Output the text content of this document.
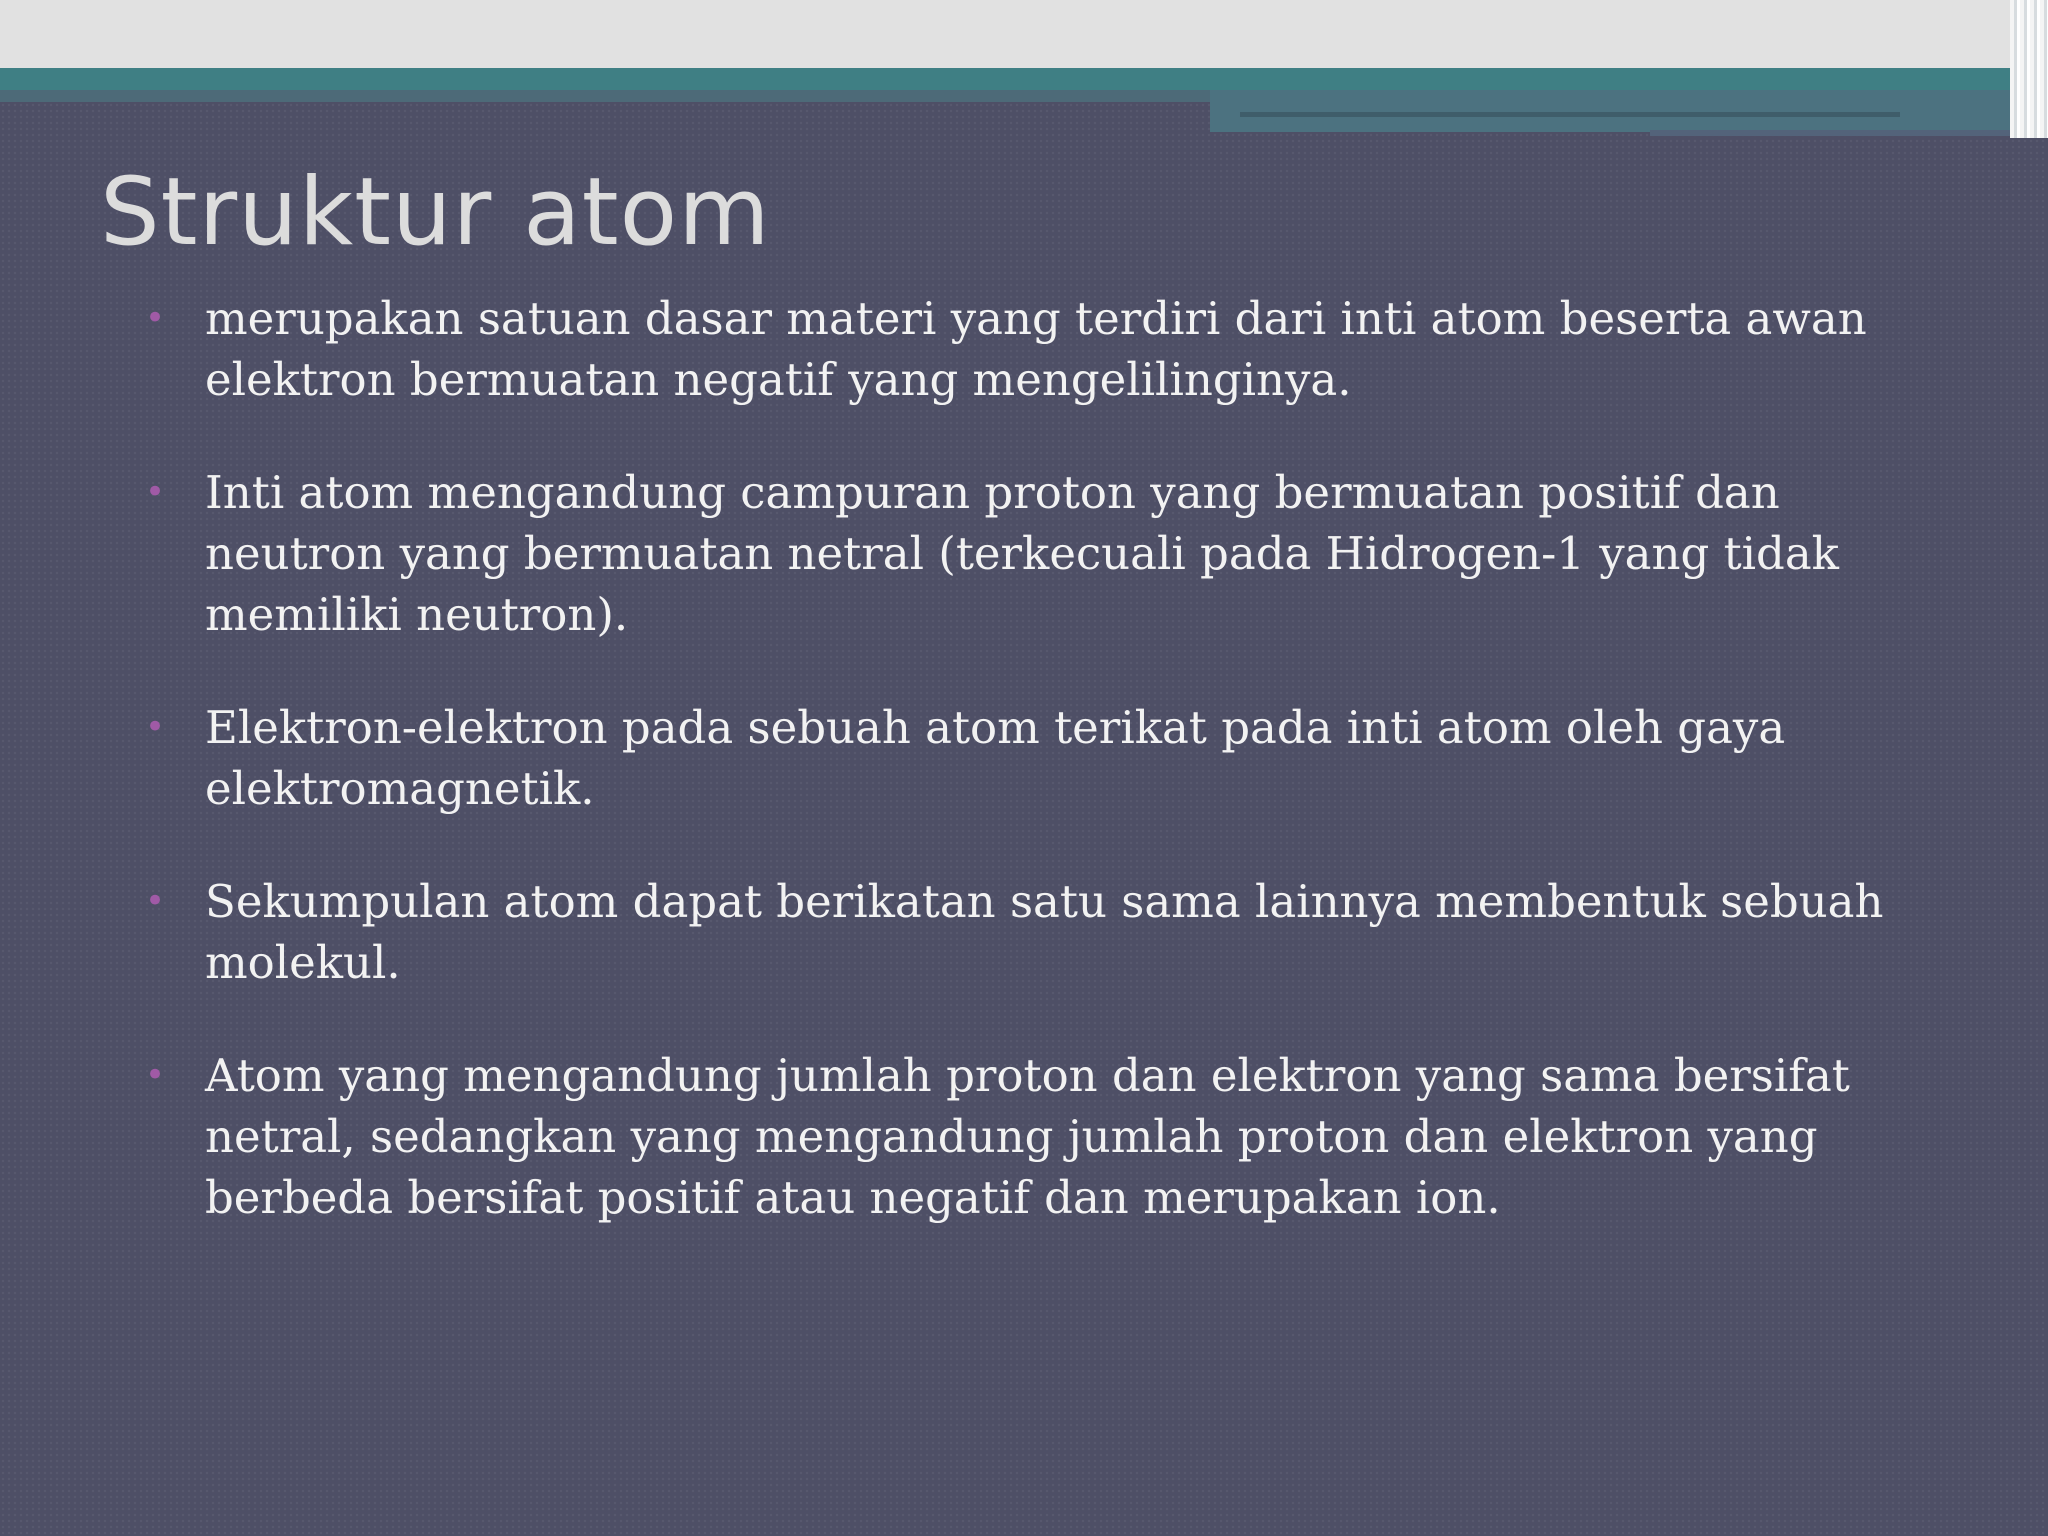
Struktur atom
• merupakan satuan dasar materi yang terdiri dari inti atom beserta awan elektron bermuatan negatif yang mengelilinginya.
• Inti atom mengandung campuran proton yang bermuatan positif dan neutron yang bermuatan netral (terkecuali pada Hidrogen-1 yang tidak memiliki neutron).
• Elektron-elektron pada sebuah atom terikat pada inti atom oleh gaya elektromagnetik.
• Sekumpulan atom dapat berikatan satu sama lainnya membentuk sebuah molekul.
• Atom yang mengandung jumlah proton dan elektron yang sama bersifat netral, sedangkan yang mengandung jumlah proton dan elektron yang berbeda bersifat positif atau negatif dan merupakan ion.
